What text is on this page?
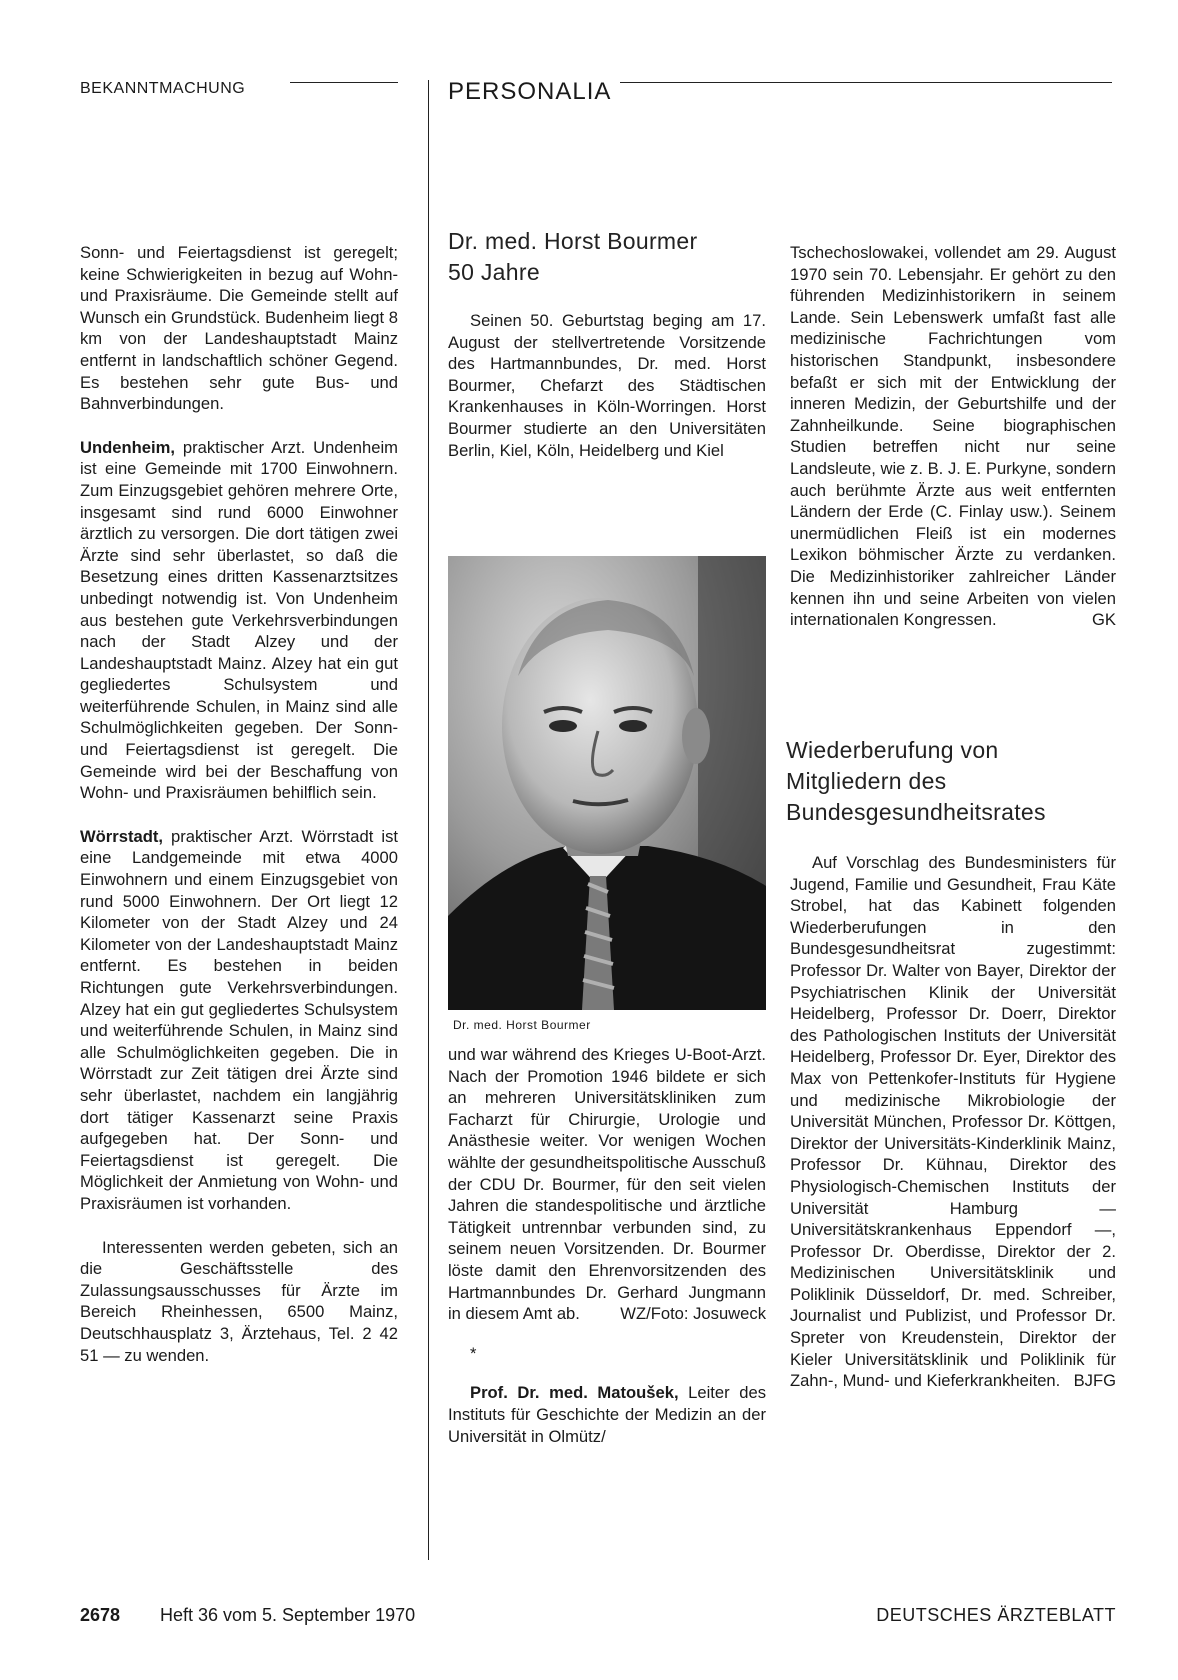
BEKANNTMACHUNG	PERSONALIA

Sonn- und Feiertagsdienst ist geregelt; keine Schwierigkeiten in bezug auf Wohn- und Praxisräume. Die Gemeinde stellt auf Wunsch ein Grundstück. Budenheim liegt 8 km von der Landeshauptstadt Mainz entfernt in landschaftlich schöner Gegend. Es bestehen sehr gute Bus- und Bahnverbindungen.

Undenheim, praktischer Arzt. Undenheim ist eine Gemeinde mit 1700 Einwohnern. Zum Einzugsgebiet gehören mehrere Orte, insgesamt sind rund 6000 Einwohner ärztlich zu versorgen. Die dort tätigen zwei Ärzte sind sehr überlastet, so daß die Besetzung eines dritten Kassenarztsitzes unbedingt notwendig ist. Von Undenheim aus bestehen gute Verkehrsverbindungen nach der Stadt Alzey und der Landeshauptstadt Mainz. Alzey hat ein gut gegliedertes Schulsystem und weiterführende Schulen, in Mainz sind alle Schulmöglichkeiten gegeben. Der Sonn- und Feiertagsdienst ist geregelt. Die Gemeinde wird bei der Beschaffung von Wohn- und Praxisräumen behilflich sein.

Wörrstadt, praktischer Arzt. Wörrstadt ist eine Landgemeinde mit etwa 4000 Einwohnern und einem Einzugsgebiet von rund 5000 Einwohnern. Der Ort liegt 12 Kilometer von der Stadt Alzey und 24 Kilometer von der Landeshauptstadt Mainz entfernt. Es bestehen in beiden Richtungen gute Verkehrsverbindungen. Alzey hat ein gut gegliedertes Schulsystem und weiterführende Schulen, in Mainz sind alle Schulmöglichkeiten gegeben. Die in Wörrstadt zur Zeit tätigen drei Ärzte sind sehr überlastet, nachdem ein langjährig dort tätiger Kassenarzt seine Praxis aufgegeben hat. Der Sonn- und Feiertagsdienst ist geregelt. Die Möglichkeit der Anmietung von Wohn- und Praxisräumen ist vorhanden.

Interessenten werden gebeten, sich an die Geschäftsstelle des Zulassungsausschusses für Ärzte im Bereich Rheinhessen, 6500 Mainz, Deutschhausplatz 3, Ärztehaus, Tel. 2 42 51 — zu wenden.

Dr. med. Horst Bourmer
50 Jahre

Seinen 50. Geburtstag beging am 17. August der stellvertretende Vorsitzende des Hartmannbundes, Dr. med. Horst Bourmer, Chefarzt des Städtischen Krankenhauses in Köln-Worringen. Horst Bourmer studierte an den Universitäten Berlin, Kiel, Köln, Heidelberg und Kiel

Dr. med. Horst Bourmer

und war während des Krieges U-Boot-Arzt. Nach der Promotion 1946 bildete er sich an mehreren Universitätskliniken zum Facharzt für Chirurgie, Urologie und Anästhesie weiter. Vor wenigen Wochen wählte der gesundheitspolitische Ausschuß der CDU Dr. Bourmer, für den seit vielen Jahren die standespolitische und ärztliche Tätigkeit untrennbar verbunden sind, zu seinem neuen Vorsitzenden. Dr. Bourmer löste damit den Ehrenvorsitzenden des Hartmannbundes Dr. Gerhard Jungmann in diesem Amt ab.	WZ/Foto: Josuweck
*

Prof. Dr. med. Matoušek, Leiter des Instituts für Geschichte der Medizin an der Universität in Olmütz/

Tschechoslowakei, vollendet am 29. August 1970 sein 70. Lebensjahr. Er gehört zu den führenden Medizinhistorikern in seinem Lande. Sein Lebenswerk umfaßt fast alle medizinische Fachrichtungen vom historischen Standpunkt, insbesondere befaßt er sich mit der Entwicklung der inneren Medizin, der Geburtshilfe und der Zahnheilkunde. Seine biographischen Studien betreffen nicht nur seine Landsleute, wie z. B. J. E. Purkyne, sondern auch berühmte Ärzte aus weit entfernten Ländern der Erde (C. Finlay usw.). Seinem unermüdlichen Fleiß ist ein modernes Lexikon böhmischer Ärzte zu verdanken. Die Medizinhistoriker zahlreicher Länder kennen ihn und seine Arbeiten von vielen internationalen Kongressen.	GK
Wiederberufung von
Mitgliedern des
Bundesgesundheitsrates

Auf Vorschlag des Bundesministers für Jugend, Familie und Gesundheit, Frau Käte Strobel, hat das Kabinett folgenden Wiederberufungen in den Bundesgesundheitsrat zugestimmt: Professor Dr. Walter von Bayer, Direktor der Psychiatrischen Klinik der Universität Heidelberg, Professor Dr. Doerr, Direktor des Pathologischen Instituts der Universität Heidelberg, Professor Dr. Eyer, Direktor des Max von Pettenkofer-Instituts für Hygiene und medizinische Mikrobiologie der Universität München, Professor Dr. Köttgen, Direktor der Universitäts-Kinderklinik Mainz, Professor Dr. Kühnau, Direktor des Physiologisch-Chemischen Instituts der Universität Hamburg — Universitätskrankenhaus Eppendorf —, Professor Dr. Oberdisse, Direktor der 2. Medizinischen Universitätsklinik und Poliklinik Düsseldorf, Dr. med. Schreiber, Journalist und Publizist, und Professor Dr. Spreter von Kreudenstein, Direktor der Kieler Universitätsklinik und Poliklinik für Zahn-, Mund- und Kieferkrankheiten. BJFG
2678 Heft 36 vom 5. September 1970	DEUTSCHES ÄRZTEBLATT
